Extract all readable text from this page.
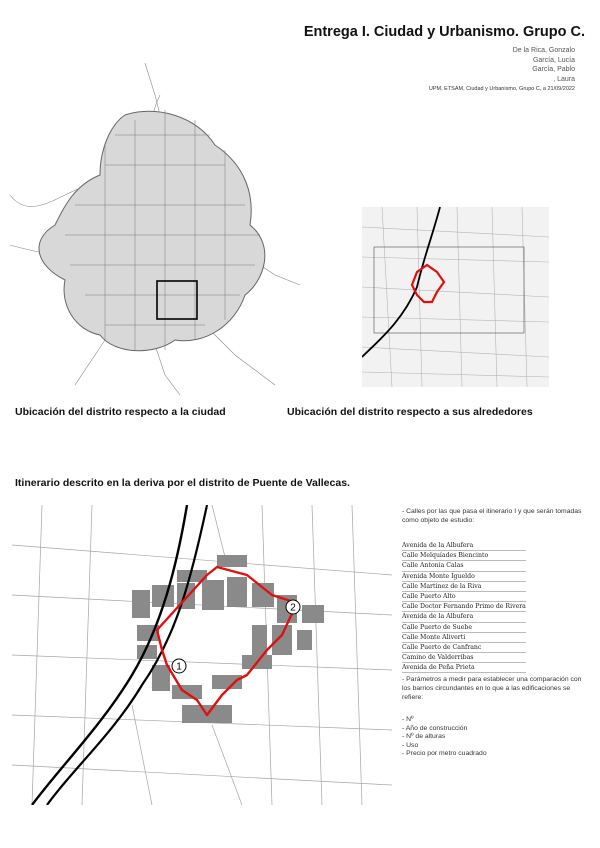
Entrega I. Ciudad y Urbanismo. Grupo C.
De la Rica, Gonzalo
García, Lucía
García, Pablo
, Laura
UPM, ETSAM, Ciudad y Urbanismo, Grupo C, a 21/09/2022
Ubicación del distrito respecto a la ciudad	Ubicación del distrito respecto a sus alrededores
Itinerario descrito en la deriva por el distrito de Puente de Vallecas.
1
2
- Calles por las que pasa el itinerario I y que serán tomadas como objeto de estudio:
Avenida de la Albufera
Calle Melquíades Biencinto
Calle Antonia Calas
Avenida Monte Igueldo
Calle Martínez de la Riva
Calle Puerto Alto
Calle Doctor Fernando Primo de Rivera
Avenida de la Albufera
Calle Puerto de Suebe
Calle Monte Aliverti
Calle Puerto de Canfranc
Camino de Valderribas
Avenida de Peña Prieta
- Parámetros a medir para establecer una comparación con los barrios circundantes en lo que a las edificaciones se refiere:
- Nº
- Año de construcción
- Nº de alturas
- Uso
- Precio por metro cuadrado
